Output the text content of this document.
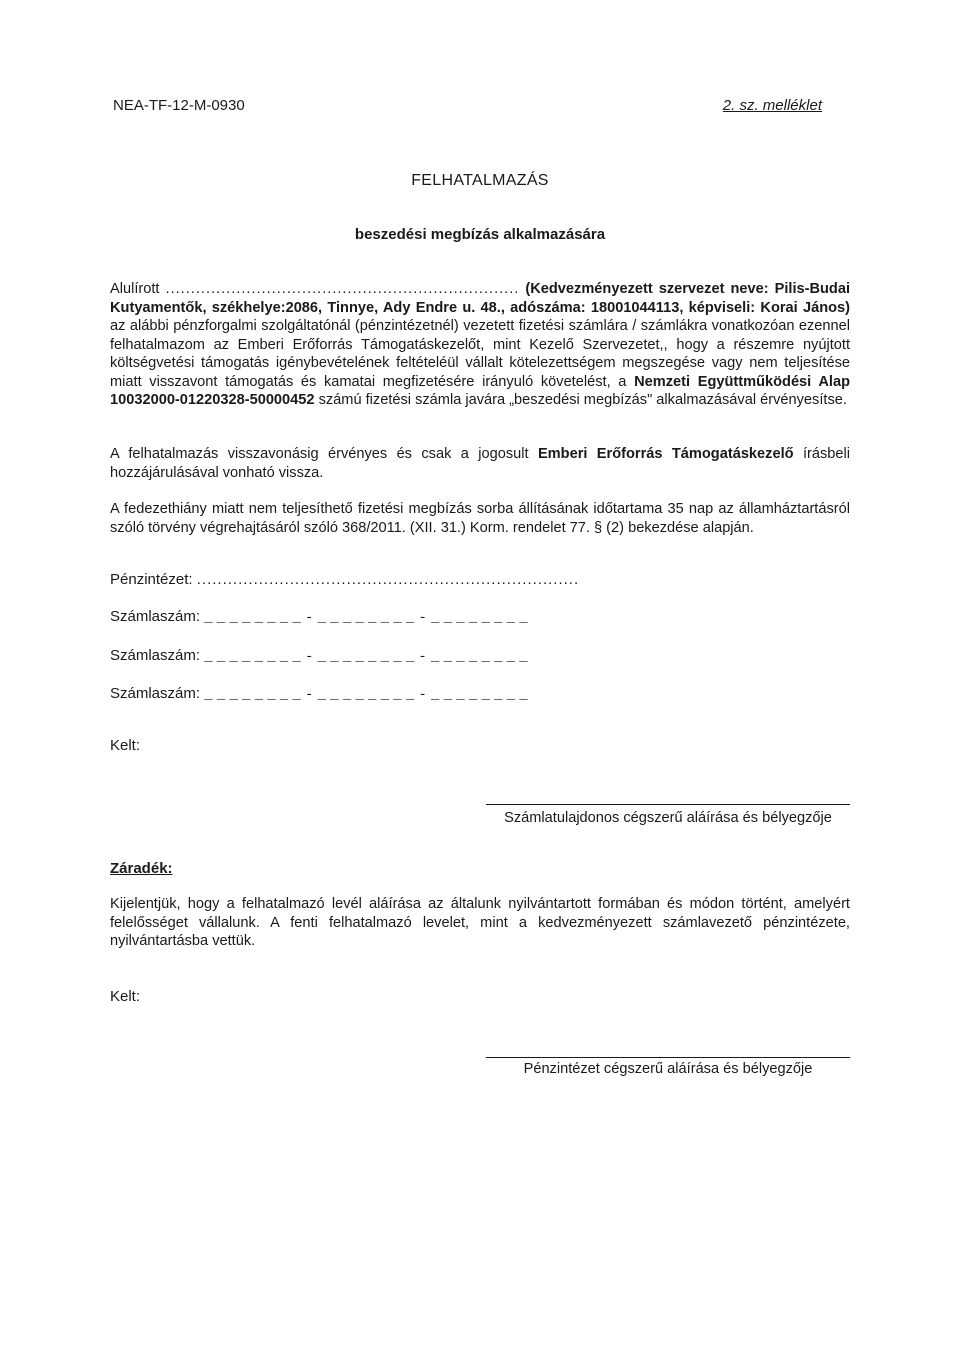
NEA-TF-12-M-0930	2. sz. melléklet
FELHATALMAZÁS
beszedési megbízás alkalmazására

Alulírott ...................................................................... (Kedvezményezett szervezet neve: Pilis-Budai Kutyamentők, székhelye:2086, Tinnye, Ady Endre u. 48., adószáma: 18001044113, képviseli: Korai János) az alábbi pénzforgalmi szolgáltatónál (pénzintézetnél) vezetett fizetési számlára / számlákra vonatkozóan ezennel felhatalmazom az Emberi Erőforrás Támogatáskezelőt, mint Kezelő Szervezetet,, hogy a részemre nyújtott költségvetési támogatás igénybevételének feltételéül vállalt kötelezettségem megszegése vagy nem teljesítése miatt visszavont támogatás és kamatai megfizetésére irányuló követelést, a Nemzeti Együttműködési Alap 10032000-01220328-50000452 számú fizetési számla javára „beszedési megbízás" alkalmazásával érvényesítse.

A felhatalmazás visszavonásig érvényes és csak a jogosult Emberi Erőforrás Támogatáskezelő írásbeli hozzájárulásával vonható vissza.

A fedezethiány miatt nem teljesíthető fizetési megbízás sorba állításának időtartama 35 nap az államháztartásról szóló törvény végrehajtásáról szóló 368/2011. (XII. 31.) Korm. rendelet 77. § (2) bekezdése alapján.

Pénzintézet: ..........................................................................
Számlaszám: ________-________-________
Számlaszám: ________-________-________
Számlaszám: ________-________-________
Kelt:
Számlatulajdonos cégszerű aláírása és bélyegzője
Záradék:

Kijelentjük, hogy a felhatalmazó levél aláírása az általunk nyilvántartott formában és módon történt, amelyért felelősséget vállalunk. A fenti felhatalmazó levelet, mint a kedvezményezett számlavezető pénzintézete, nyilvántartásba vettük.

Kelt:
Pénzintézet cégszerű aláírása és bélyegzője
